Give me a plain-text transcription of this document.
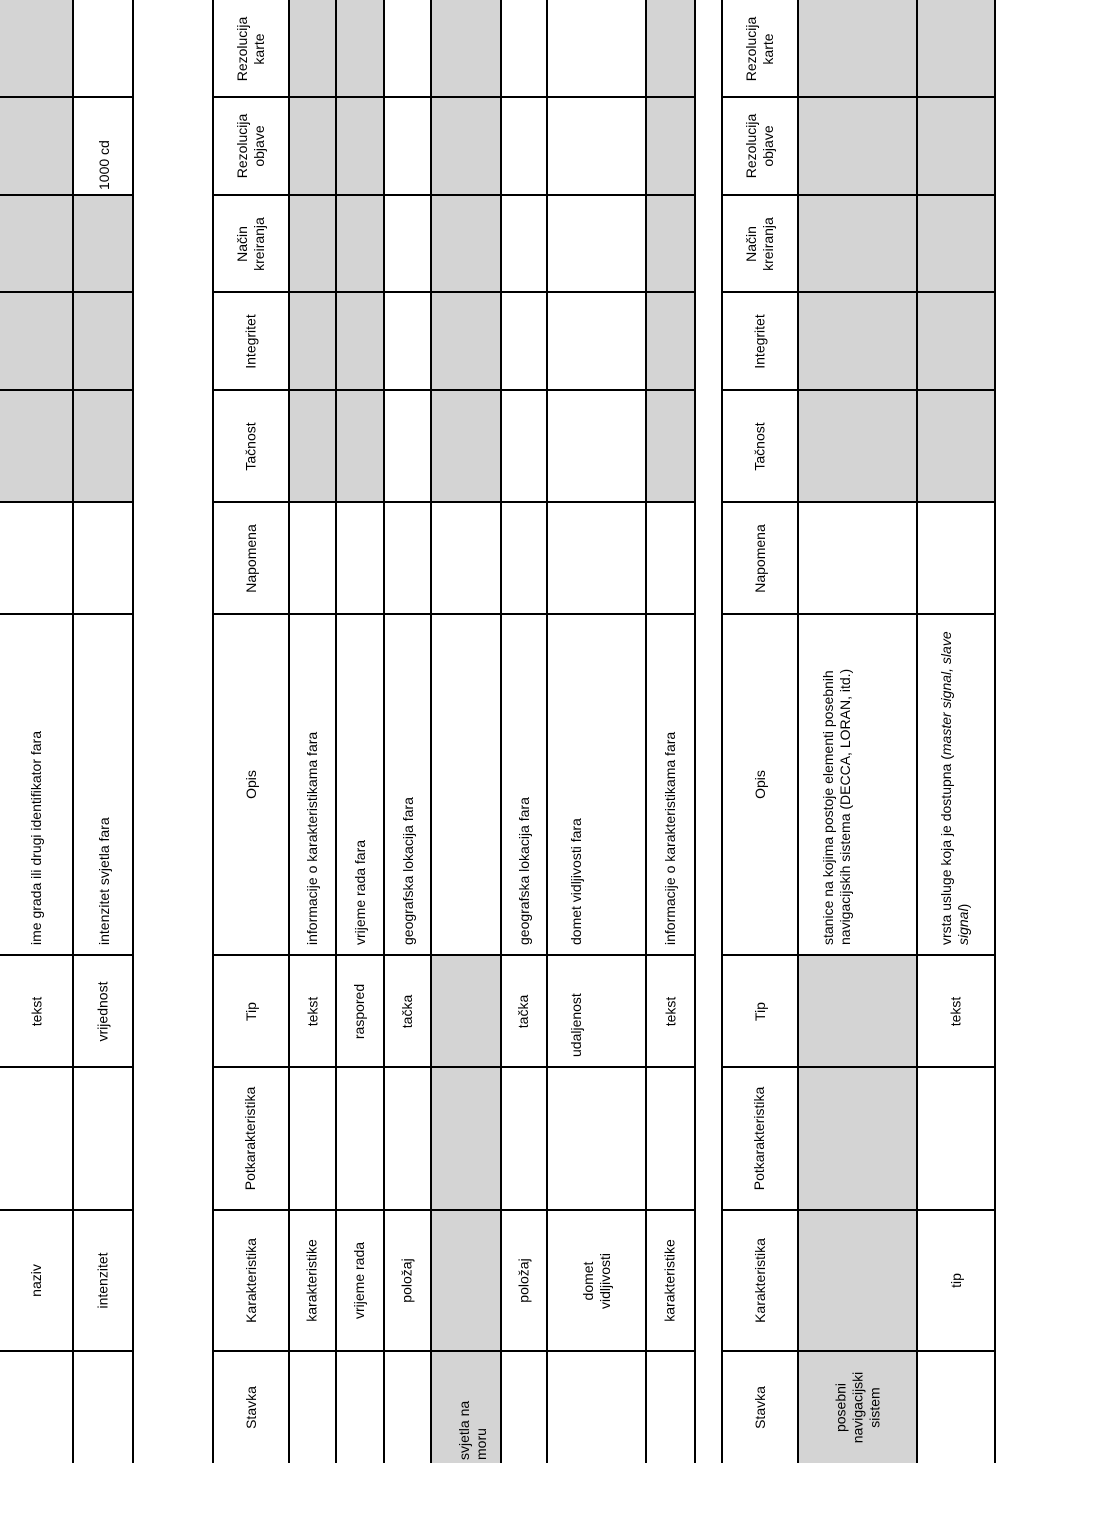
naziv
tekst
ime grada ili drugi identifikator fara
intenzitet
vrijednost
intenzitet svjetla fara
1000 cd
Stavka
Karakteristika
Potkarakteristika
Tip
Opis
Napomena
Tačnost
Integritet
Način kreiranja
Rezolucija objave
Rezolucija karte
karakteristike
tekst
informacije o karakteristikama fara
vrijeme rada
raspored
vrijeme rada fara
položaj
tačka
geografska lokacija fara
svjetla na moru
položaj
tačka
geografska lokacija fara
domet vidljivosti
udaljenost
domet vidljivosti fara
karakteristike
tekst
informacije o karakteristikama fara
Stavka
Karakteristika
Potkarakteristika
Tip
Opis
Napomena
Tačnost
Integritet
Način kreiranja
Rezolucija objave
Rezolucija karte
posebni navigacijski sistem
stanice na kojima postoje elementi posebnih navigacijskih sistema (DECCA, LORAN, itd.)
tip
tekst
vrsta usluge koja je dostupna (master signal, slave signal)
